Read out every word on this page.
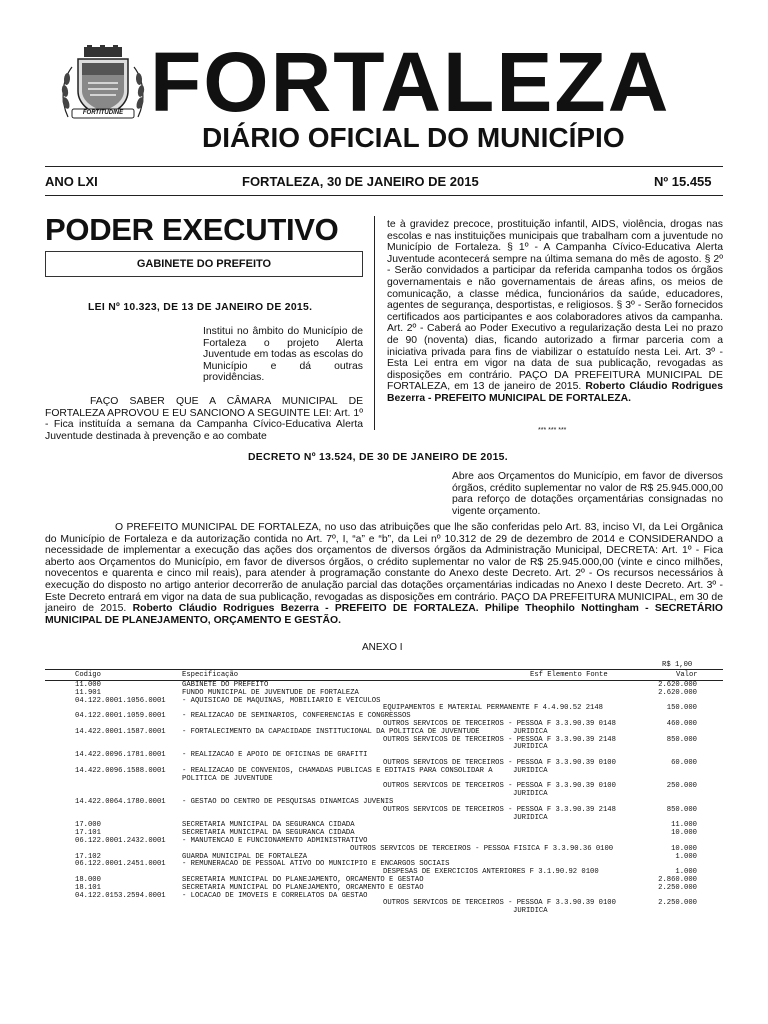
FORTITUDINE FORTALEZA
DIÁRIO OFICIAL DO MUNICÍPIO
ANO LXI	FORTALEZA, 30 DE JANEIRO DE 2015	Nº 15.455
PODER EXECUTIVO
GABINETE DO PREFEITO
LEI Nº 10.323, DE 13 DE JANEIRO DE 2015.
Institui no âmbito do Município de Fortaleza o projeto Alerta Juventude em todas as escolas do Município e dá outras providências.
FAÇO SABER QUE A CÂMARA MUNICIPAL DE FORTALEZA APROVOU E EU SANCIONO A SEGUINTE LEI: Art. 1º - Fica instituída a semana da Campanha Cívico-Educativa Alerta Juventude destinada à prevenção e ao combate
te à gravidez precoce, prostituição infantil, AIDS, violência, drogas nas escolas e nas instituições municipais que trabalham com a juventude no Município de Fortaleza. § 1º - A Campanha Cívico-Educativa Alerta Juventude acontecerá sempre na última semana do mês de agosto. § 2º - Serão convidados a participar da referida campanha todos os órgãos governamentais e não governamentais de áreas afins, os meios de comunicação, a classe médica, funcionários da saúde, educadores, agentes de segurança, desportistas, e religiosos. § 3º - Serão fornecidos certificados aos participantes e aos colaboradores ativos da campanha. Art. 2º - Caberá ao Poder Executivo a regularização desta Lei no prazo de 90 (noventa) dias, ficando autorizado a firmar parceria com a iniciativa privada para fins de viabilizar o estatuído nesta Lei. Art. 3º - Esta Lei entra em vigor na data de sua publicação, revogadas as disposições em contrário. PAÇO DA PREFEITURA MUNICIPAL DE FORTALEZA, em 13 de janeiro de 2015. Roberto Cláudio Rodrigues Bezerra - PREFEITO MUNICIPAL DE FORTALEZA.
*** *** ***
DECRETO Nº 13.524, DE 30 DE JANEIRO DE 2015.
Abre aos Orçamentos do Município, em favor de diversos órgãos, crédito suplementar no valor de R$ 25.945.000,00 para reforço de dotações orçamentárias consignadas no vigente orçamento.
O PREFEITO MUNICIPAL DE FORTALEZA, no uso das atribuições que lhe são conferidas pelo Art. 83, inciso VI, da Lei Orgânica do Município de Fortaleza e da autorização contida no Art. 7º, I, “a” e “b”, da Lei nº 10.312 de 29 de dezembro de 2014 e CONSIDERANDO a necessidade de implementar a execução das ações dos orçamentos de diversos órgãos da Administração Municipal, DECRETA: Art. 1º - Fica aberto aos Orçamentos do Município, em favor de diversos órgãos, o crédito suplementar no valor de R$ 25.945.000,00 (vinte e cinco milhões, novecentos e quarenta e cinco mil reais), para atender à programação constante do Anexo deste Decreto. Art. 2º - Os recursos necessários à execução do disposto no artigo anterior decorrerão de anulação parcial das dotações orçamentárias indicadas no Anexo I deste Decreto. Art. 3º - Este Decreto entrará em vigor na data de sua publicação, revogadas as disposições em contrário. PAÇO DA PREFEITURA MUNICIPAL, em 30 de janeiro de 2015. Roberto Cláudio Rodrigues Bezerra - PREFEITO DE FORTALEZA. Philipe Theophilo Nottingham - SECRETÁRIO MUNICIPAL DE PLANEJAMENTO, ORÇAMENTO E GESTÃO.
ANEXO I
R$ 1,00
Codigo	Especificação	Esf Elemento Fonte	Valor
11.000	GABINETE DO PREFEITO	2.620.000
11.901	FUNDO MUNICIPAL DE JUVENTUDE DE FORTALEZA	2.620.000
04.122.0001.1056.0001 - AQUISICAO DE MAQUINAS, MOBILIARIO E VEICULOS
EQUIPAMENTOS E MATERIAL PERMANENTE F 4.4.90.52 2148	150.000
04.122.0001.1059.0001 - REALIZACAO DE SEMINARIOS, CONFERENCIAS E CONGRESSOS
OUTROS SERVICOS DE TERCEIROS - PESSOA F 3.3.90.39 0148	460.000
14.422.0001.1587.0001 - FORTALECIMENTO DA CAPACIDADE INSTITUCIONAL DA POLITICA DE JUVENTUDE	JURIDICA
OUTROS SERVICOS DE TERCEIROS - PESSOA F 3.3.90.39 2148	850.000
JURIDICA
14.422.0096.1781.0001 - REALIZACAO E APOIO DE OFICINAS DE GRAFITI
OUTROS SERVICOS DE TERCEIROS - PESSOA F 3.3.90.39 0100	60.000
14.422.0096.1588.0001 - REALIZACAO DE CONVENIOS, CHAMADAS PUBLICAS E EDITAIS PARA CONSOLIDAR A	JURIDICA
POLITICA DE JUVENTUDE
OUTROS SERVICOS DE TERCEIROS - PESSOA F 3.3.90.39 0100	250.000
JURIDICA
14.422.0064.1780.0001 - GESTAO DO CENTRO DE PESQUISAS DINAMICAS JUVENIS
OUTROS SERVICOS DE TERCEIROS - PESSOA F 3.3.90.39 2148	850.000
JURIDICA
17.000	SECRETARIA MUNICIPAL DA SEGURANCA CIDADA	11.000
17.101	SECRETARIA MUNICIPAL DA SEGURANCA CIDADA	10.000
06.122.0001.2432.0001 - MANUTENCAO E FUNCIONAMENTO ADMINISTRATIVO
OUTROS SERVICOS DE TERCEIROS - PESSOA FISICA F 3.3.90.36 0100	10.000
17.102	GUARDA MUNICIPAL DE FORTALEZA	1.000
06.122.0001.2451.0001 - REMUNERACAO DE PESSOAL ATIVO DO MUNICIPIO E ENCARGOS SOCIAIS
DESPESAS DE EXERCICIOS ANTERIORES F 3.1.90.92 0100	1.000
18.000	SECRETARIA MUNICIPAL DO PLANEJAMENTO, ORCAMENTO E GESTAO	2.860.000
18.101	SECRETARIA MUNICIPAL DO PLANEJAMENTO, ORCAMENTO E GESTAO	2.250.000
04.122.0153.2594.0001 - LOCACAO DE IMOVEIS E CORRELATOS DA GESTAO
OUTROS SERVICOS DE TERCEIROS - PESSOA F 3.3.90.39 0100	2.250.000
JURIDICA
